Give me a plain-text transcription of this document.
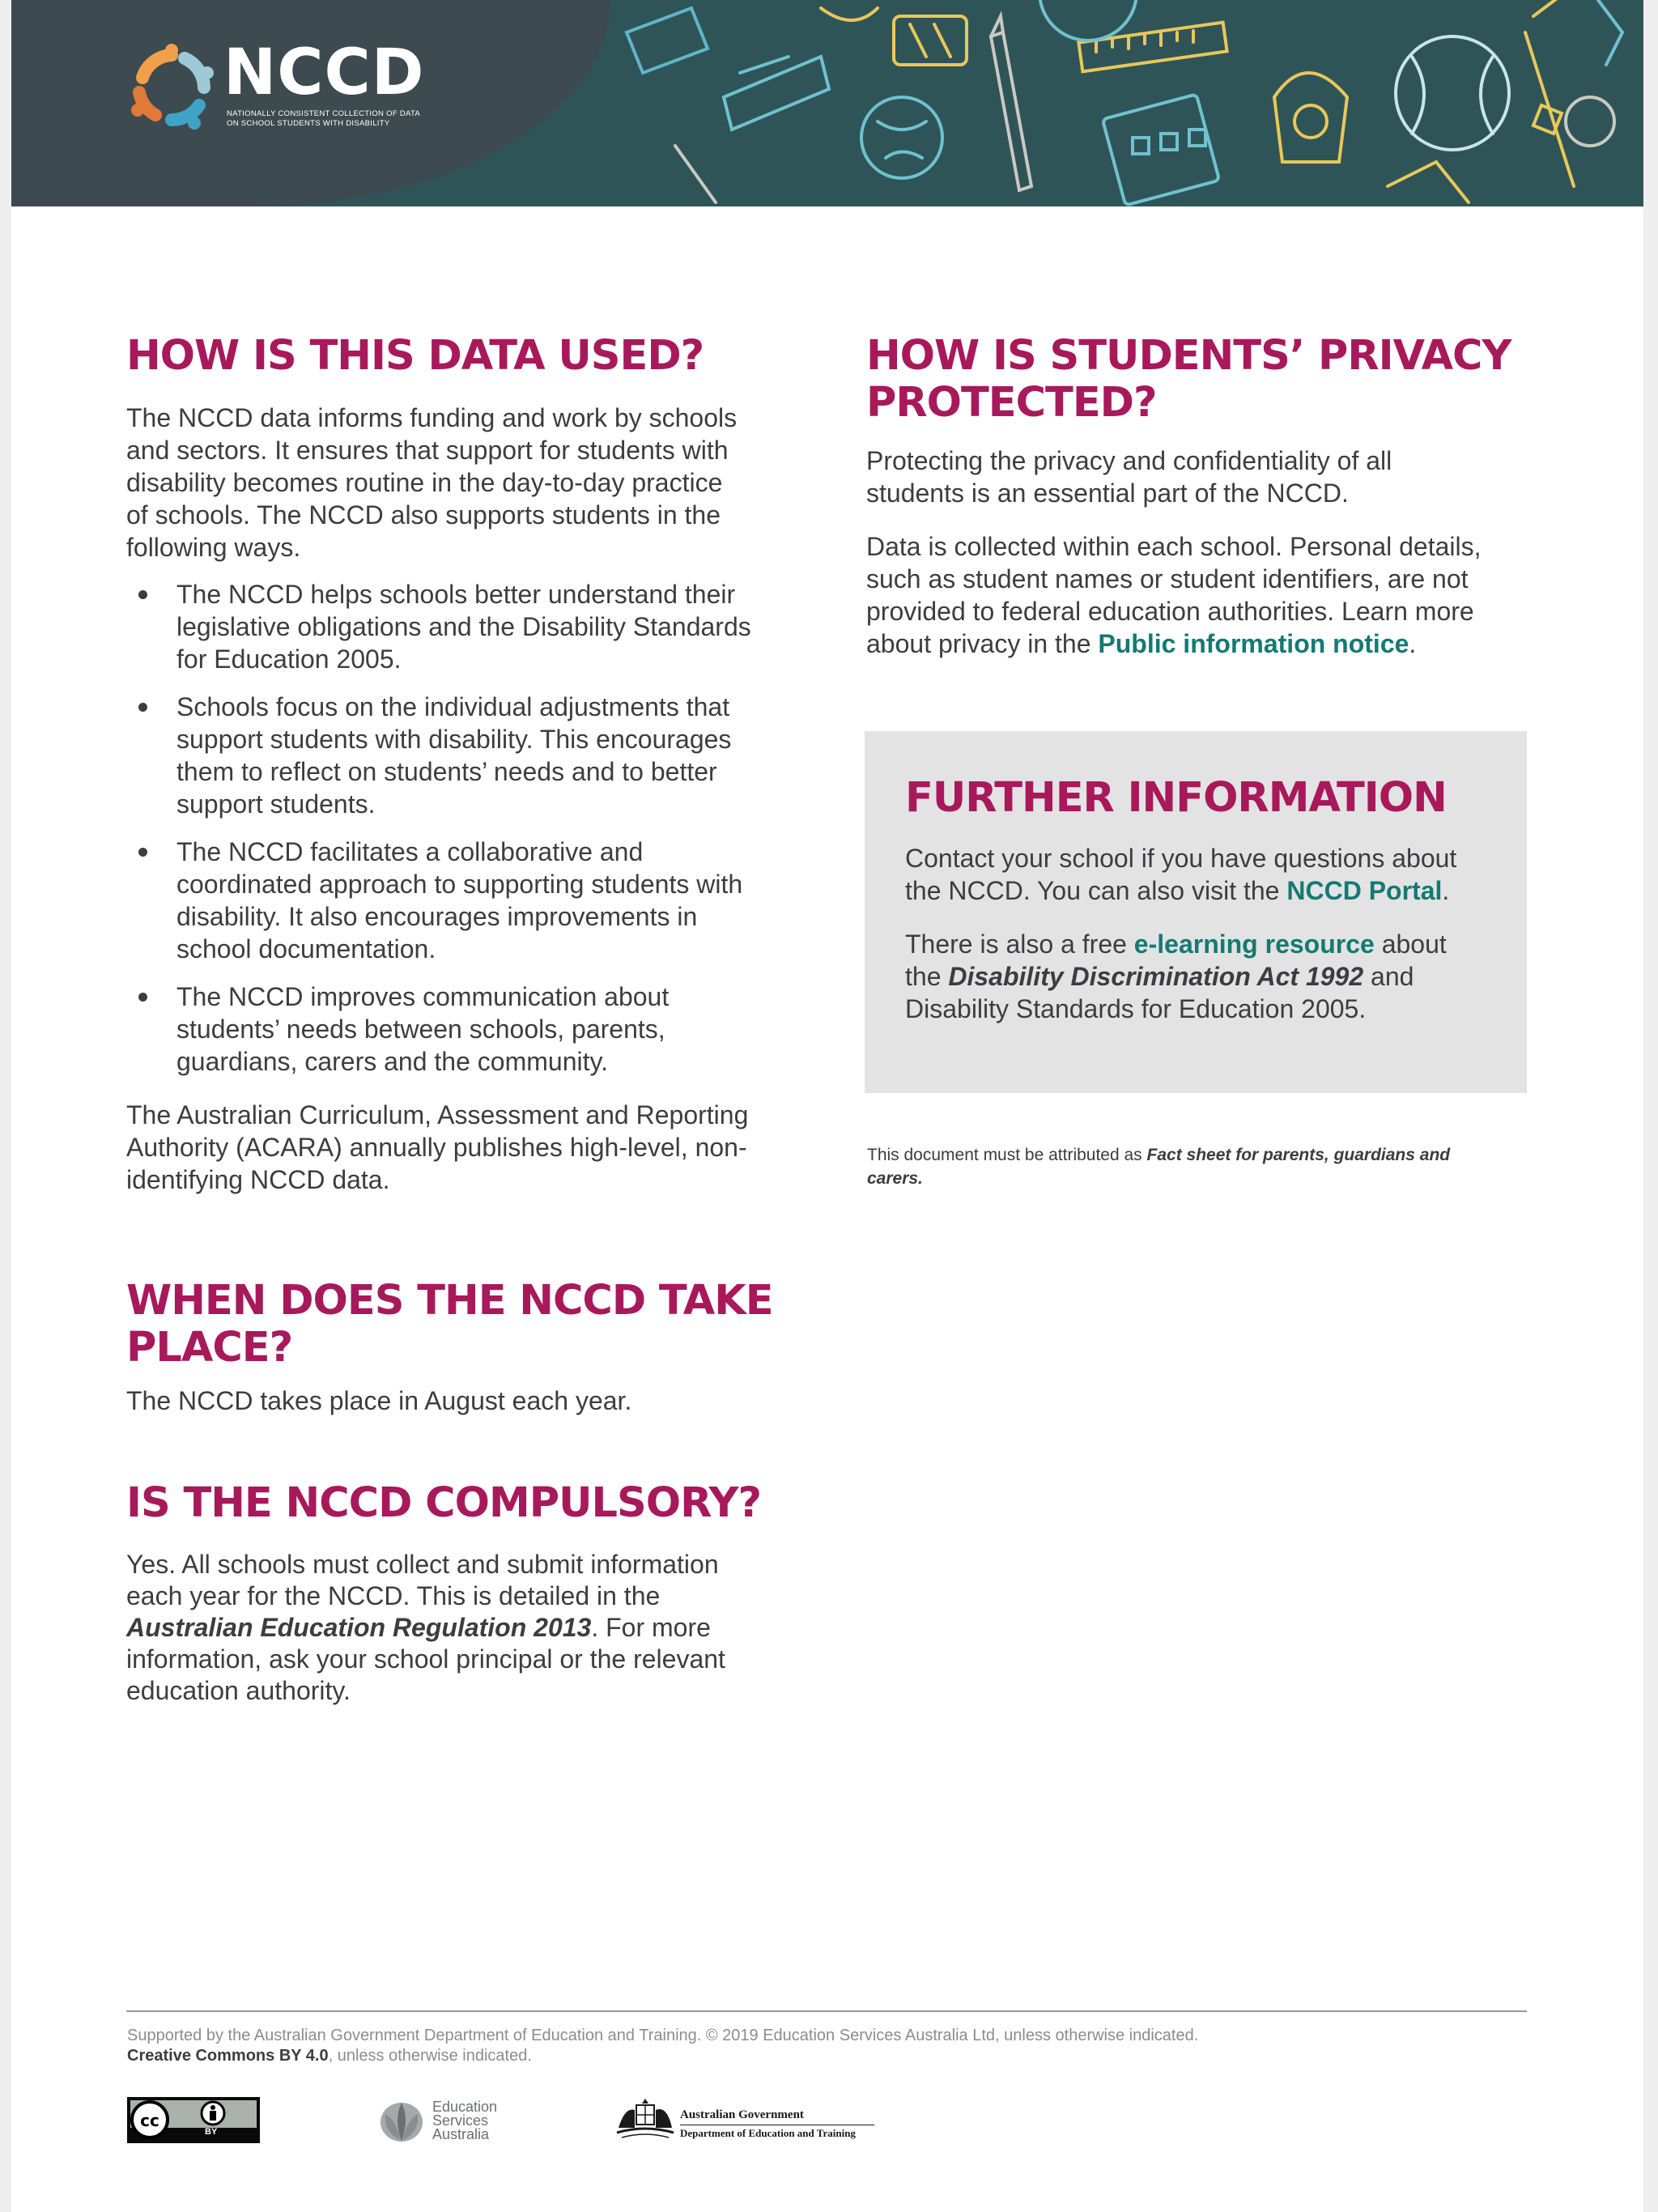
NCCD
NATIONALLY CONSISTENT COLLECTION OF DATA
ON SCHOOL STUDENTS WITH DISABILITY
HOW IS THIS DATA USED?
The NCCD data informs funding and work by schools
and sectors. It ensures that support for students with
disability becomes routine in the day-to-day practice
of schools. The NCCD also supports students in the
following ways.
The NCCD helps schools better understand their
legislative obligations and the Disability Standards
for Education 2005.
Schools focus on the individual adjustments that
support students with disability. This encourages
them to reflect on students’ needs and to better
support students.
The NCCD facilitates a collaborative and
coordinated approach to supporting students with
disability. It also encourages improvements in
school documentation.
The NCCD improves communication about
students’ needs between schools, parents,
guardians, carers and the community.
The Australian Curriculum, Assessment and Reporting
Authority (ACARA) annually publishes high-level, non-
identifying NCCD data.
WHEN DOES THE NCCD TAKE
PLACE?

The NCCD takes place in August each year.

IS THE NCCD COMPULSORY?
Yes. All schools must collect and submit information
each year for the NCCD. This is detailed in the
Australian Education Regulation 2013. For more
information, ask your school principal or the relevant
education authority.
HOW IS STUDENTS’ PRIVACY
PROTECTED?
Protecting the privacy and confidentiality of all
students is an essential part of the NCCD.
Data is collected within each school. Personal details,
such as student names or student identifiers, are not
provided to federal education authorities. Learn more
about privacy in the Public information notice.
FURTHER INFORMATION
Contact your school if you have questions about
the NCCD. You can also visit the NCCD Portal.
There is also a free e-learning resource about
the Disability Discrimination Act 1992 and
Disability Standards for Education 2005.
This document must be attributed as Fact sheet for parents, guardians and
carers.
Supported by the Australian Government Department of Education and Training. © 2019 Education Services Australia Ltd, unless otherwise indicated.
Creative Commons BY 4.0, unless otherwise indicated.
cc
BY
Education
Services
Australia
Australian Government
Department of Education and Training
